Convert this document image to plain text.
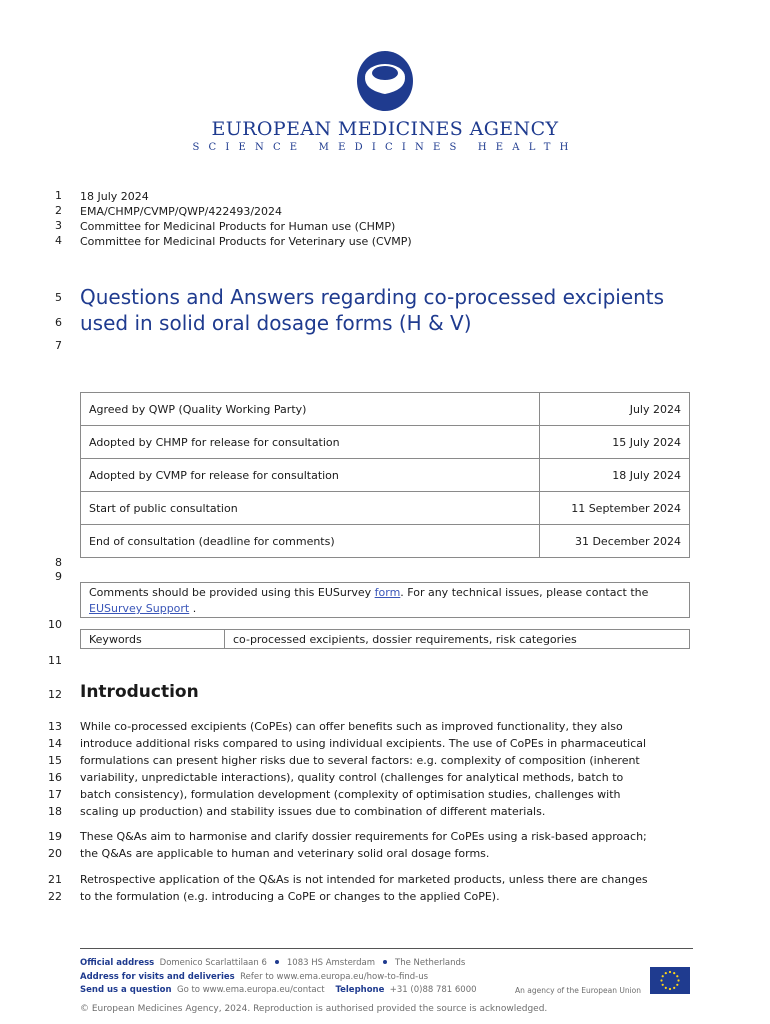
EUROPEAN MEDICINES AGENCY
SCIENCE MEDICINES HEALTH
1
2
3
4
5
6
7
8
9
10
11
12
13
14
15
16
17
18
19
20
21
22
18 July 2024
EMA/CHMP/CVMP/QWP/422493/2024
Committee for Medicinal Products for Human use (CHMP)
Committee for Medicinal Products for Veterinary use (CVMP)
Questions and Answers regarding co-processed excipients
used in solid oral dosage forms (H & V)
Agreed by QWP (Quality Working Party)	July 2024
Adopted by CHMP for release for consultation	15 July 2024
Adopted by CVMP for release for consultation	18 July 2024
Start of public consultation	11 September 2024
End of consultation (deadline for comments)	31 December 2024
Comments should be provided using this EUSurvey form. For any technical issues, please contact the EUSurvey Support .
Keywords	co-processed excipients, dossier requirements, risk categories
Introduction
While co-processed excipients (CoPEs) can offer benefits such as improved functionality, they also
introduce additional risks compared to using individual excipients. The use of CoPEs in pharmaceutical
formulations can present higher risks due to several factors: e.g. complexity of composition (inherent
variability, unpredictable interactions), quality control (challenges for analytical methods, batch to
batch consistency), formulation development (complexity of optimisation studies, challenges with
scaling up production) and stability issues due to combination of different materials.
These Q&As aim to harmonise and clarify dossier requirements for CoPEs using a risk-based approach;
the Q&As are applicable to human and veterinary solid oral dosage forms.
Retrospective application of the Q&As is not intended for marketed products, unless there are changes
to the formulation (e.g. introducing a CoPE or changes to the applied CoPE).
Official address Domenico Scarlattilaan 6 1083 HS Amsterdam The Netherlands
Address for visits and deliveries Refer to www.ema.europa.eu/how-to-find-us
Send us a question Go to www.ema.europa.eu/contact Telephone +31 (0)88 781 6000	An agency of the European Union
© European Medicines Agency, 2024. Reproduction is authorised provided the source is acknowledged.
